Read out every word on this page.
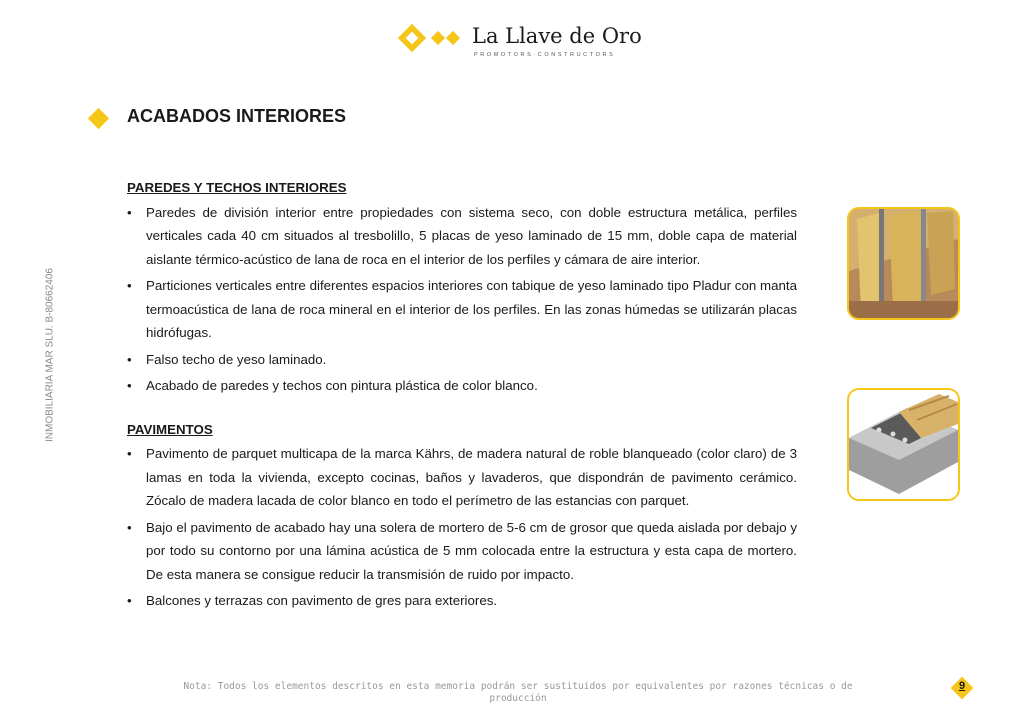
La Llave de Oro
PROMOTORS·CONSTRUCTORS
INMOBILIARIA MAR SLU. B-80662406
ACABADOS INTERIORES
PAREDES Y TECHOS INTERIORES
• Paredes de división interior entre propiedades con sistema seco, con doble estructura metálica, perfiles verticales cada 40 cm situados al tresbolillo, 5 placas de yeso laminado de 15 mm, doble capa de material aislante térmico-acústico de lana de roca en el interior de los perfiles y cámara de aire interior.
• Particiones verticales entre diferentes espacios interiores con tabique de yeso laminado tipo Pladur con manta termoacústica de lana de roca mineral en el interior de los perfiles. En las zonas húmedas se utilizarán placas hidrófugas.
• Falso techo de yeso laminado.
• Acabado de paredes y techos con pintura plástica de color blanco.
PAVIMENTOS
• Pavimento de parquet multicapa de la marca Kährs, de madera natural de roble blanqueado (color claro) de 3 lamas en toda la vivienda, excepto cocinas, baños y lavaderos, que dispondrán de pavimento cerámico. Zócalo de madera lacada de color blanco en todo el perímetro de las estancias con parquet.
• Bajo el pavimento de acabado hay una solera de mortero de 5-6 cm de grosor que queda aislada por debajo y por todo su contorno por una lámina acústica de 5 mm colocada entre la estructura y esta capa de mortero. De esta manera se consigue reducir la transmisión de ruido por impacto.
• Balcones y terrazas con pavimento de gres para exteriores.
Nota: Todos los elementos descritos en esta memoria podrán ser sustituidos por equivalentes por razones técnicas o de producción
9
